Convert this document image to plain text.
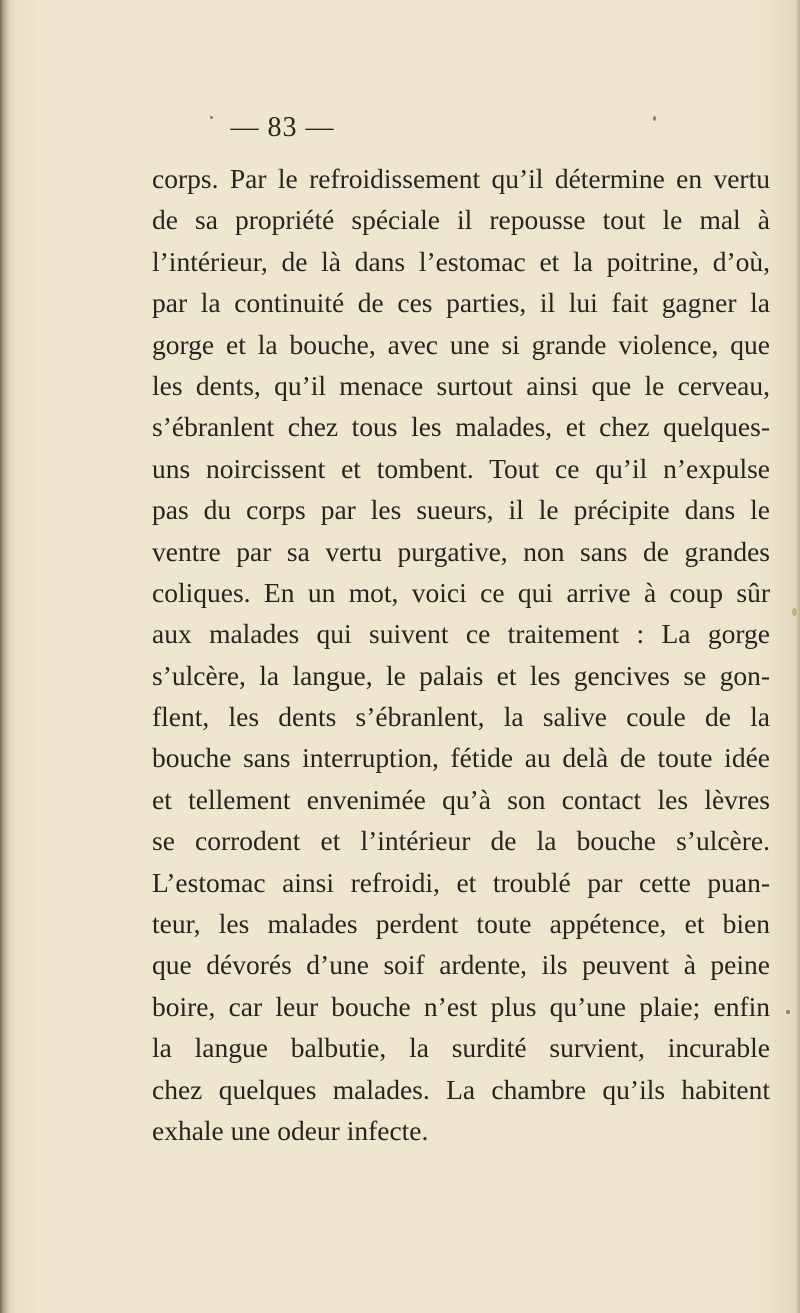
— 83 —
corps. Par le refroidissement qu’il détermine en vertu
de sa propriété spéciale il repousse tout le mal à
l’intérieur, de là dans l’estomac et la poitrine, d’où,
par la continuité de ces parties, il lui fait gagner la
gorge et la bouche, avec une si grande violence, que
les dents, qu’il menace surtout ainsi que le cerveau,
s’ébranlent chez tous les malades, et chez quelques-
uns noircissent et tombent. Tout ce qu’il n’expulse
pas du corps par les sueurs, il le précipite dans le
ventre par sa vertu purgative, non sans de grandes
coliques. En un mot, voici ce qui arrive à coup sûr
aux malades qui suivent ce traitement : La gorge
s’ulcère, la langue, le palais et les gencives se gon-
flent, les dents s’ébranlent, la salive coule de la
bouche sans interruption, fétide au delà de toute idée
et tellement envenimée qu’à son contact les lèvres
se corrodent et l’intérieur de la bouche s’ulcère.
L’estomac ainsi refroidi, et troublé par cette puan-
teur, les malades perdent toute appétence, et bien
que dévorés d’une soif ardente, ils peuvent à peine
boire, car leur bouche n’est plus qu’une plaie; enfin
la langue balbutie, la surdité survient, incurable
chez quelques malades. La chambre qu’ils habitent
exhale une odeur infecte.
